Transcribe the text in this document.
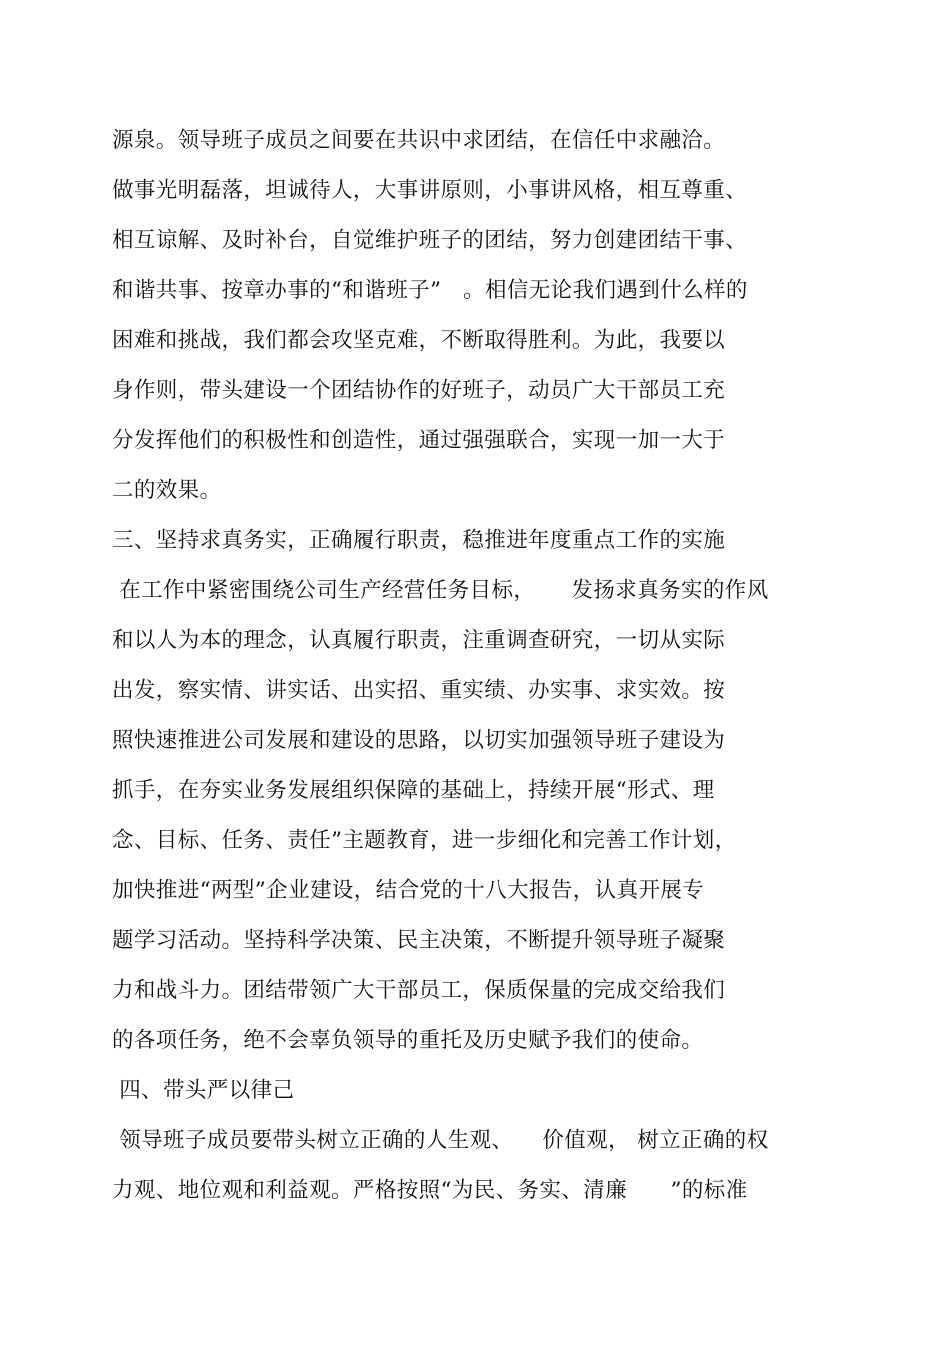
源泉。领导班子成员之间要在共识中求团结，在信任中求融洽。
做事光明磊落，坦诚待人，大事讲原则，小事讲风格，相互尊重、
相互谅解、及时补台，自觉维护班子的团结，努力创建团结干事、
和谐共事、按章办事的“和谐班子”   。相信无论我们遇到什么样的
困难和挑战，我们都会攻坚克难，不断取得胜利。为此，我要以
身作则，带头建设一个团结协作的好班子，动员广大干部员工充
分发挥他们的积极性和创造性，通过强强联合，实现一加一大于
二的效果。
三、坚持求真务实，正确履行职责，稳推进年度重点工作的实施
在工作中紧密围绕公司生产经营任务目标，     发扬求真务实的作风
和以人为本的理念，认真履行职责，注重调查研究，一切从实际
出发，察实情、讲实话、出实招、重实绩、办实事、求实效。按
照快速推进公司发展和建设的思路，以切实加强领导班子建设为
抓手，在夯实业务发展组织保障的基础上，持续开展“形式、理
念、目标、任务、责任”主题教育，进一步细化和完善工作计划，
加快推进“两型”企业建设，结合党的十八大报告，认真开展专
题学习活动。坚持科学决策、民主决策，不断提升领导班子凝聚
力和战斗力。团结带领广大干部员工，保质保量的完成交给我们
的各项任务，绝不会辜负领导的重托及历史赋予我们的使命。
四、带头严以律己
领导班子成员要带头树立正确的人生观、    价值观， 树立正确的权
力观、地位观和利益观。严格按照“为民、务实、清廉      ”的标准
